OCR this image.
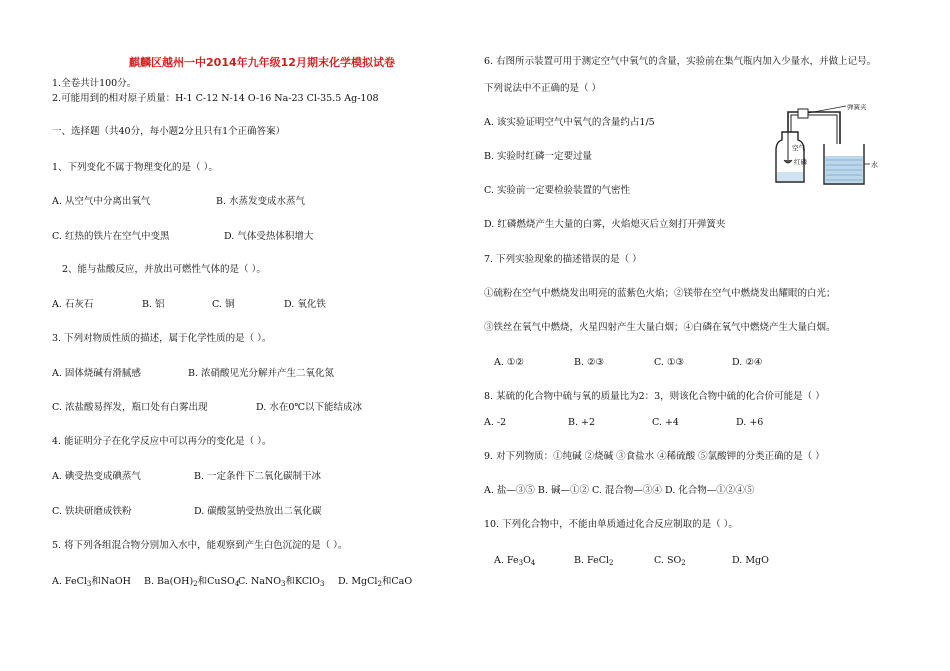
麒麟区越州一中2014年九年级12月期末化学模拟试卷
1.全卷共计100分。
2.可能用到的相对原子质量：H-1 C-12 N-14 O-16 Na-23 Cl-35.5 Ag-108
一、选择题（共40分，每小题2分且只有1个正确答案）
1、下列变化不属于物理变化的是（ ）。
A. 从空气中分离出氧气	B. 水蒸发变成水蒸气
C. 红热的铁片在空气中变黑	D. 气体受热体积增大
2、能与盐酸反应，并放出可燃性气体的是（ ）。
A. 石灰石	B. 铝	C. 铜	D. 氧化铁
3. 下列对物质性质的描述，属于化学性质的是（ ）。
A. 固体烧碱有滑腻感	B. 浓硝酸见光分解并产生二氧化氮
C. 浓盐酸易挥发，瓶口处有白雾出现	D. 水在0℃以下能结成冰
4. 能证明分子在化学反应中可以再分的变化是（ ）。
A. 碘受热变成碘蒸气	B. 一定条件下二氧化碳制干冰
C. 铁块研磨成铁粉	D. 碳酸氢钠受热放出二氧化碳
5. 将下列各组混合物分别加入水中，能观察到产生白色沉淀的是（ ）。
A. FeCl$_3$和NaOH B. $Ba(OH)_2$和CuSO$_4$
C. NaNO$_3$和KClO$_3$ D. MgCl$_2$和CaO
6. 右图所示装置可用于测定空气中氧气的含量，实验前在集气瓶内加入少量水，并做上记号。
下列说法中不正确的是（ ）
A. 该实验证明空气中氧气的含量约占1/5
B. 实验时红磷一定要过量
C. 实验前一定要检验装置的气密性
D. 红磷燃烧产生大量的白雾，火焰熄灭后立刻打开弹簧夹
7. 下列实验现象的描述错误的是（ ）
①硫粉在空气中燃烧发出明亮的蓝紫色火焰；②镁带在空气中燃烧发出耀眼的白光；
③铁丝在氧气中燃烧，火星四射产生大量白烟；④白磷在氧气中燃烧产生大量白烟。
A. ①②	B. ②③	C. ①③	D. ②④
8. 某硫的化合物中硫与氧的质量比为2：3，则该化合物中硫的化合价可能是（ ）
A. -2	B. +2	C. +4	D. +6
9. 对下列物质：①纯碱 ②烧碱 ③食盐水 ④稀硫酸 ⑤氯酸钾的分类正确的是（ ）
A. 盐—③⑤ B. 碱—①② C. 混合物—③④ D. 化合物—①②④⑤
10. 下列化合物中，不能由单质通过化合反应制取的是（ ）。
A. $Fe_3O_4$	B. FeCl$_2$	C. $SO_2$	D. MgO
弹簧夹
空气
红磷	水
